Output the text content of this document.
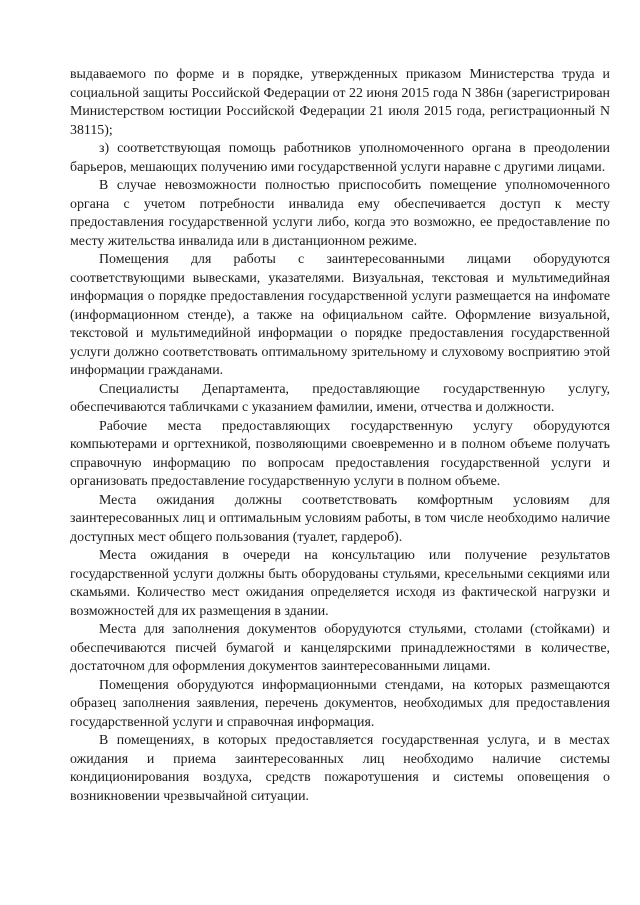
выдаваемого по форме и в порядке, утвержденных приказом Министерства труда и социальной защиты Российской Федерации от 22 июня 2015 года N 386н (зарегистрирован Министерством юстиции Российской Федерации 21 июля 2015 года, регистрационный N 38115);

з) соответствующая помощь работников уполномоченного органа в преодолении барьеров, мешающих получению ими государственной услуги наравне с другими лицами.

В случае невозможности полностью приспособить помещение уполномоченного органа с учетом потребности инвалида ему обеспечивается доступ к месту предоставления государственной услуги либо, когда это возможно, ее предоставление по месту жительства инвалида или в дистанционном режиме.

Помещения для работы с заинтересованными лицами оборудуются соответствующими вывесками, указателями. Визуальная, текстовая и мультимедийная информация о порядке предоставления государственной услуги размещается на инфомате (информационном стенде), а также на официальном сайте. Оформление визуальной, текстовой и мультимедийной информации о порядке предоставления государственной услуги должно соответствовать оптимальному зрительному и слуховому восприятию этой информации гражданами.

Специалисты Департамента, предоставляющие государственную услугу, обеспечиваются табличками с указанием фамилии, имени, отчества и должности.

Рабочие места предоставляющих государственную услугу оборудуются компьютерами и оргтехникой, позволяющими своевременно и в полном объеме получать справочную информацию по вопросам предоставления государственной услуги и организовать предоставление государственную услуги в полном объеме.

Места ожидания должны соответствовать комфортным условиям для заинтересованных лиц и оптимальным условиям работы, в том числе необходимо наличие доступных мест общего пользования (туалет, гардероб).

Места ожидания в очереди на консультацию или получение результатов государственной услуги должны быть оборудованы стульями, кресельными секциями или скамьями. Количество мест ожидания определяется исходя из фактической нагрузки и возможностей для их размещения в здании.

Места для заполнения документов оборудуются стульями, столами (стойками) и обеспечиваются писчей бумагой и канцелярскими принадлежностями в количестве, достаточном для оформления документов заинтересованными лицами.

Помещения оборудуются информационными стендами, на которых размещаются образец заполнения заявления, перечень документов, необходимых для предоставления государственной услуги и справочная информация.

В помещениях, в которых предоставляется государственная услуга, и в местах ожидания и приема заинтересованных лиц необходимо наличие системы кондиционирования воздуха, средств пожаротушения и системы оповещения о возникновении чрезвычайной ситуации.
